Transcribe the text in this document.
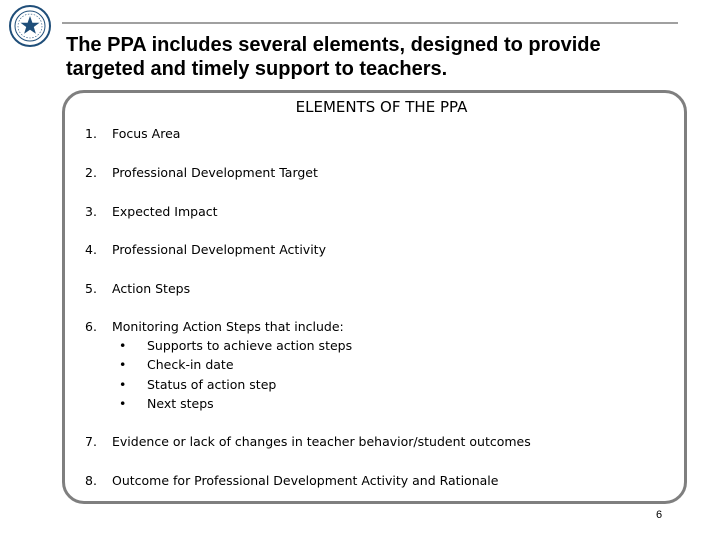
The PPA includes several elements, designed to provide targeted and timely support to teachers.
ELEMENTS OF THE PPA
1. Focus Area
2. Professional Development Target
3. Expected Impact
4. Professional Development Activity
5. Action Steps
6. Monitoring Action Steps that include:
• Supports to achieve action steps
• Check-in date
• Status of action step
• Next steps
7. Evidence or lack of changes in teacher behavior/student outcomes
8. Outcome for Professional Development Activity and Rationale
6
